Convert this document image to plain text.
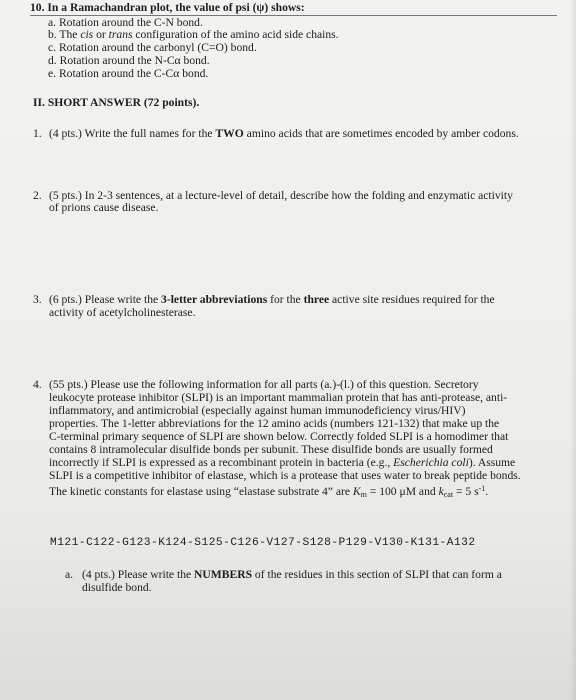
10. In a Ramachandran plot, the value of psi (ψ) shows:
a. Rotation around the C-N bond.
b. The cis or trans configuration of the amino acid side chains.
c. Rotation around the carbonyl (C=O) bond.
d. Rotation around the N-Cα bond.
e. Rotation around the C-Cα bond.
II. SHORT ANSWER (72 points).
1. (4 pts.) Write the full names for the TWO amino acids that are sometimes encoded by amber codons.
2. (5 pts.) In 2-3 sentences, at a lecture-level of detail, describe how the folding and enzymatic activity
of prions cause disease.
3. (6 pts.) Please write the 3-letter abbreviations for the three active site residues required for the
activity of acetylcholinesterase.
4. (55 pts.) Please use the following information for all parts (a.)-(l.) of this question. Secretory
leukocyte protease inhibitor (SLPI) is an important mammalian protein that has anti-protease, anti-
inflammatory, and antimicrobial (especially against human immunodeficiency virus/HIV)
properties. The 1-letter abbreviations for the 12 amino acids (numbers 121-132) that make up the
C-terminal primary sequence of SLPI are shown below. Correctly folded SLPI is a homodimer that
contains 8 intramolecular disulfide bonds per subunit. These disulfide bonds are usually formed
incorrectly if SLPI is expressed as a recombinant protein in bacteria (e.g., Escherichia coli). Assume
SLPI is a competitive inhibitor of elastase, which is a protease that uses water to break peptide bonds.
The kinetic constants for elastase using “elastase substrate 4” are $K_m = 100$ μM and $k_{cat} = 5$ $s^{-1}$.
M121-C122-G123-K124-S125-C126-V127-S128-P129-V130-K131-A132
a. (4 pts.) Please write the NUMBERS of the residues in this section of SLPI that can form a
disulfide bond.
